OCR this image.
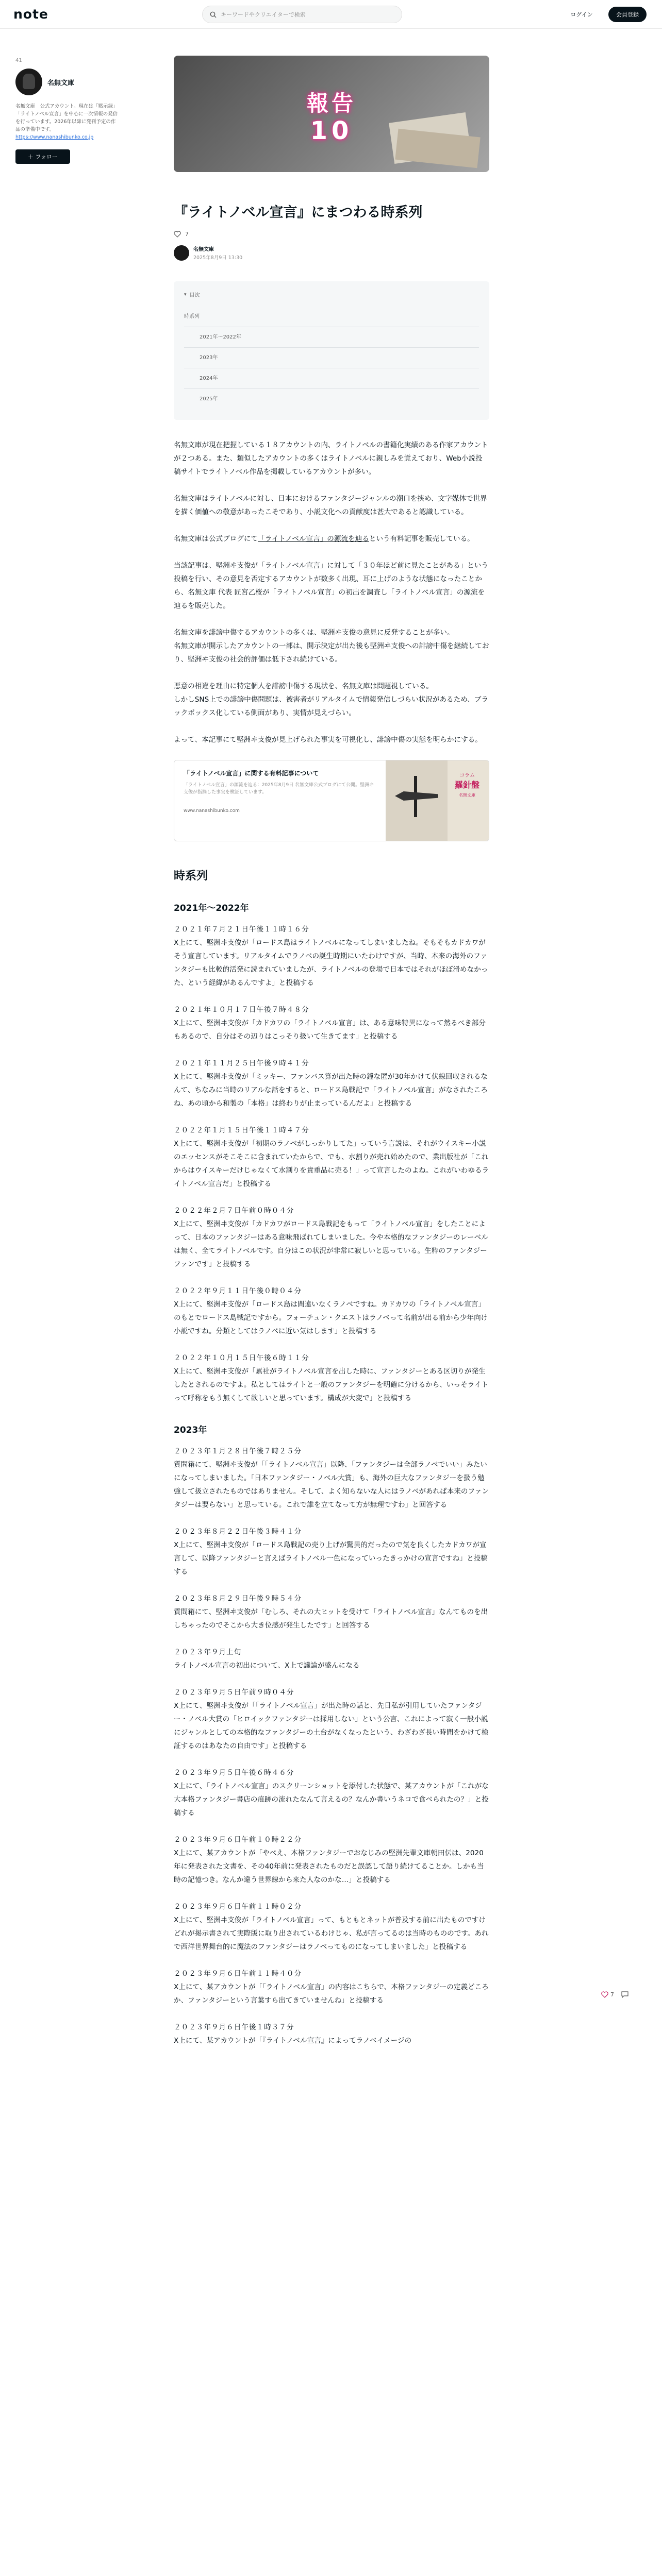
note
キーワードやクリエイターで検索	ログイン	会員登録
41
名無文庫
名無文庫　公式アカウント。現在は「黙示録」「ライトノベル宣言」を中心に一次情報の発信を行っています。2026年以降に発刊予定の作品の準備中です。
https://www.nanashibunko.co.jp
＋ フォロー
報告
10
『ライトノベル宣言』にまつわる時系列
7
名無文庫
2025年8月9日 13:30
▾ 目次
時系列
2021年〜2022年
2023年
2024年
2025年

名無文庫が現在把握している１８アカウントの内、ライトノベルの書籍化実績のある作家アカウントが２つある。また、類似したアカウントの多くはライトノベルに親しみを覚えており、Web小説投稿サイトでライトノベル作品を掲載しているアカウントが多い。

名無文庫はライトノベルに対し、日本におけるファンタジージャンルの潮口を挟め、文字媒体で世界を描く価値への敬意があったこそであり、小説文化への貢献度は甚大であると認識している。

名無文庫は公式ブログにて「ライトノベル宣言」の源流を辿るという有料記事を販売している。

当該記事は、堅洲ヰ支俊が「ライトノベル宣言」に対して「３０年ほど前に見たことがある」という投稿を行い、その意見を否定するアカウントが数多く出現、耳に上げのような状態になったことから、名無文庫 代表 匠宮乙桜が「ライトノベル宣言」の初出を調査し「ライトノベル宣言」の源流を辿るを販売した。

名無文庫を誹謗中傷するアカウントの多くは、堅洲ヰ支俊の意見に反発することが多い。
名無文庫が開示したアカウントの一部は、開示決定が出た後も堅洲ヰ支俊への誹謗中傷を継続しており、堅洲ヰ支俊の社会的評価は低下され続けている。

悪意の相違を理由に特定個人を誹謗中傷する現状を、名無文庫は問題視している。
しかしSNS上での誹謗中傷問題は、被害者がリアルタイムで情報発信しづらい状況があるため、ブラックボックス化している側面があり、実情が見えづらい。

よって、本記事にて堅洲ヰ支俊が見上げられた事実を可視化し、誹謗中傷の実態を明らかにする。

「ライトノベル宣言」に関する有料記事について
「ライトノベル宣言」の源流を辿る：2025年8月9日 名無文庫公式ブログにて公開。堅洲ヰ支俊が指摘した事実を検証しています。
www.nanashibunko.com
コラム
羅針盤
名無文庫
時系列
2021年〜2022年
２０２１年７月２１日午後１１時１６分
X上にて、堅洲ヰ支俊が「ロードス島はライトノベルになってしまいましたね。そもそもカドカワがそう宣言しています。リアルタイムでラノベの誕生時期にいたわけですが、当時、本来の海外のファンタジーも比較的活発に読まれていましたが、ライトノベルの登場で日本ではそれがほぼ滑めなかった、という経緯があるんですよ」と投稿する
２０２１年１０月１７日午後７時４８分
X上にて、堅洲ヰ支俊が「カドカワの「ライトノベル宣言」は、ある意味特異になって然るべき部分もあるので、自分はその辺りはこっそり扱いて生きてます」と投稿する
２０２１年１１月２５日午後９時４１分
X上にて、堅洲ヰ支俊が「ミッキー、ファンバス算が出た時の鐘な匿が30年かけて伏線回収されるなんて、ちなみに当時のリアルな話をすると、ロードス島戦記で「ライトノベル宣言」がなされたころね、あの頃から和製の「本格」は終わりが止まっているんだよ」と投稿する
２０２２年１月１５日午後１１時４７分
X上にて、堅洲ヰ支俊が「初期のラノベがしっかりしてた」っていう言説は、それがウイスキー小説のエッセンスがそこそこに含まれていたからで、でも、水割りが売れ始めたので、業出版社が「これからはウイスキーだけじゃなくて水割りを貴重品に売る！」って宣言したのよね。これがいわゆるライトノベル宣言だ」と投稿する
２０２２年２月７日午前０時０４分
X上にて、堅洲ヰ支俊が「カドカワがロードス島戦記をもって「ライトノベル宣言」をしたことによって、日本のファンタジーはある意味飛ばれてしまいました。今や本格的なファンタジーのレーベルは無く、全てライトノベルです。自分はこの状況が非常に寂しいと思っている。生粋のファンタジーファンです」と投稿する
２０２２年９月１１日午後０時０４分
X上にて、堅洲ヰ支俊が「ロードス島は間違いなくラノベですね。カドカワの「ライトノベル宣言」のもとでロードス島戦記ですから。フォーチュン・クエストはラノベって名前が出る前から少年向け小説ですね。分類としてはラノベに近い気はします」と投稿する
２０２２年１０月１５日午後６時１１分
X上にて、堅洲ヰ支俊が「累社がライトノベル宣言を出した時に、ファンタジーとある区切りが発生したとされるのですよ。私としてはライトと一般のファンタジーを明確に分けるから、いっそライトって呼称をもう無くして欲しいと思っています。構成が大変で」と投稿する
2023年
２０２３年１月２８日午後７時２５分
質問箱にて、堅洲ヰ支俊が「「ライトノベル宣言」以降、「ファンタジーは全部ラノベでいい」みたいになってしまいました。「日本ファンタジー・ノベル大賞」も、海外の巨大なファンタジーを扱う勉強して扱立されたものではありません。そして、よく知らないな人にはラノベがあれば本来のファンタジーは要らない」と思っている。これで誰を立てなって方が無理ですわ」と回答する
２０２３年８月２２日午後３時４１分
X上にて、堅洲ヰ支俊が「ロードス島戦記の売り上げが驚異的だったので気を良くしたカドカワが宣言して、以降ファンタジーと言えばライトノベル一色になっていったきっかけの宣言ですね」と投稿する
２０２３年８月２９日午後９時５４分
質問箱にて、堅洲ヰ支俊が「むしろ、それの大ヒットを受けて「ライトノベル宣言」なんてものを出しちゃったのでそこから大き位感が発生したです」と回答する
２０２３年９月上旬
ライトノベル宣言の初出について、X上で議論が盛んになる
２０２３年９月５日午前９時０４分
X上にて、堅洲ヰ支俊が「「ライトノベル宣言」が出た時の話と、先日私が引用していたファンタジー・ノベル大賞の「ヒロイックファンタジーは採用しない」という公言、これによって寂く一般小説にジャンルとしての本格的なファンタジーの土台がなくなったという、わざわざ長い時間をかけて検証するのはあなたの自由です」と投稿する
２０２３年９月５日午後６時４６分
X上にて、「ライトノベル宣言」のスクリーンショットを添付した状態で、某アカウントが「これがな大本格ファンタジー書店の痕跡の流れたなんて言えるの？なんか書いうネコで食べられたの？」と投稿する
２０２３年９月６日午前１０時２２分
X上にて、某アカウントが「やべえ、本格ファンタジーでおなじみの堅洲先輩文庫朝田伝は、2020年に発表された文書を、その40年前に発表されたものだと誤認して語り続けてることか。しかも当時の記憶つき。なんか違う世界線から来た人なのかな…」と投稿する
２０２３年９月６日午前１１時０２分
X上にて、堅洲ヰ支俊が「ライトノベル宣言」って、もともとネットが普及する前に出たものですけどれが掲示書されて実際版に取り出されているわけじゃ、私が言ってるのは当時のもののです。あれで西洋世界舞台的に魔法のファンタジーはラノベってものになってしまいました」と投稿する
２０２３年９月６日午前１１時４０分
X上にて、某アカウントが「「ライトノベル宣言」の内容はこちらで、本格ファンタジーの定義どころか、ファンタジーという言葉すら出てきていませんね」と投稿する
２０２３年９月６日午後１時３７分
X上にて、某アカウントが「『ライトノベル宣言』によってラノベイメージの
7
